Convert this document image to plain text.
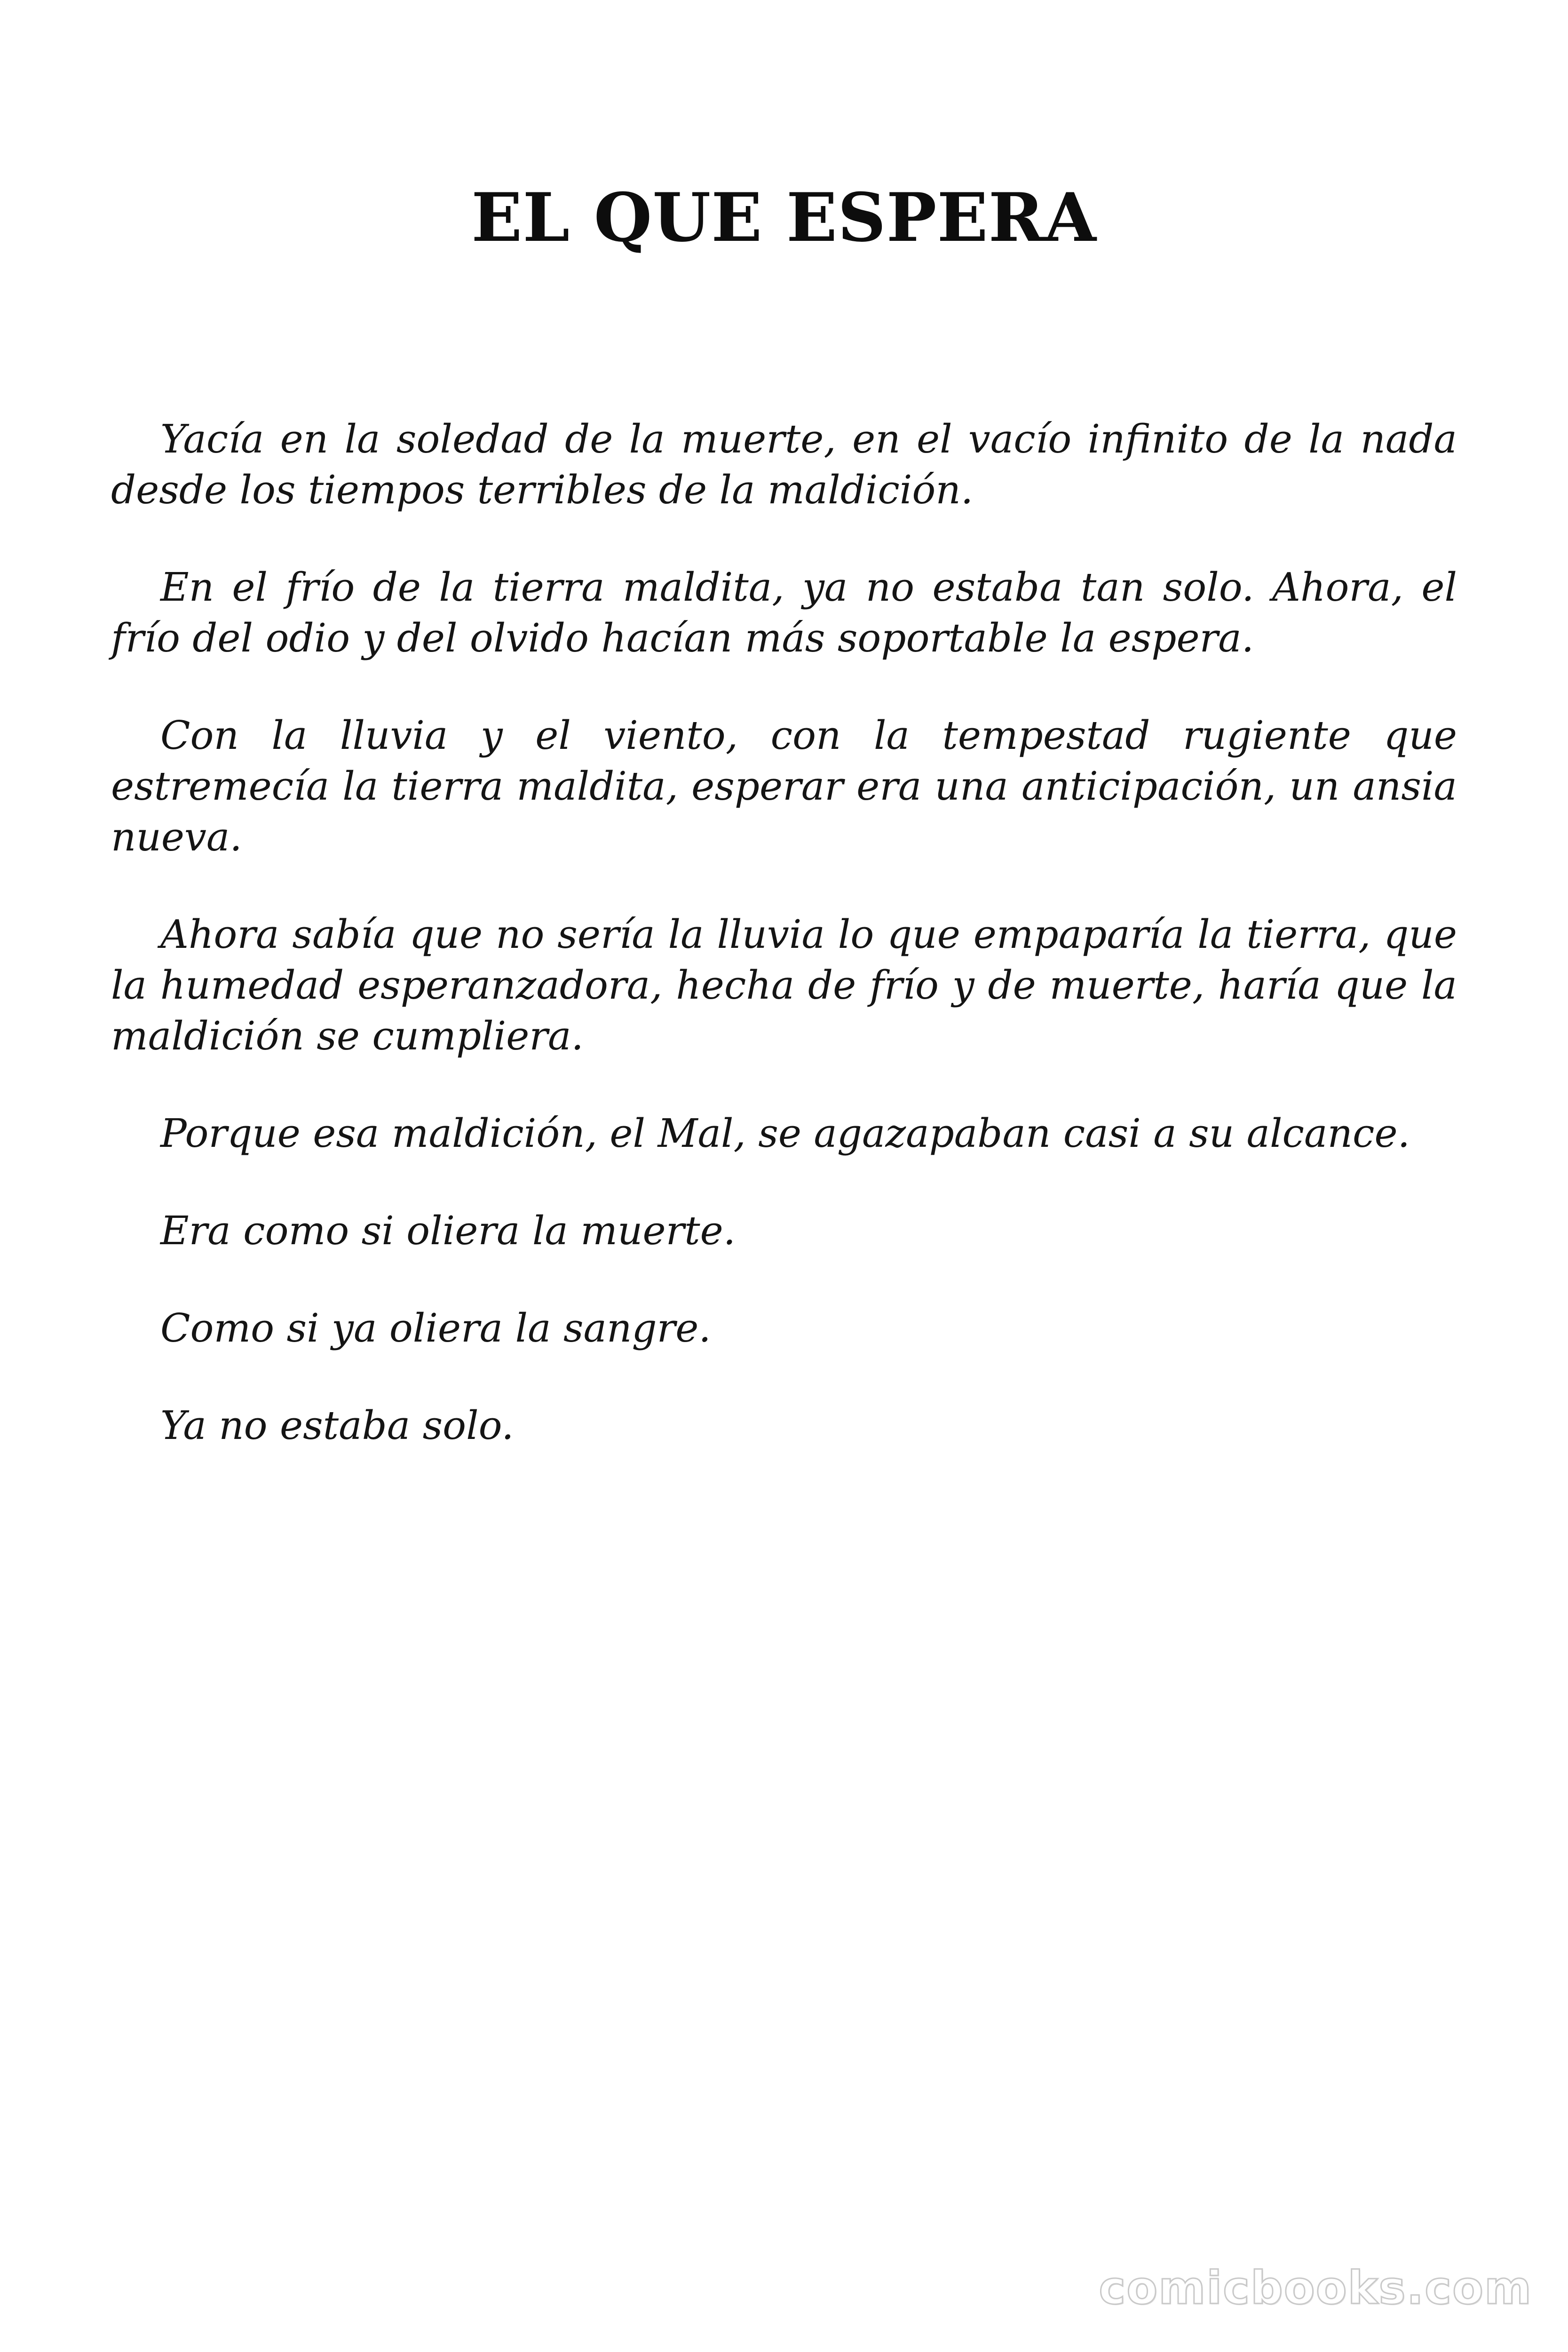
EL QUE ESPERA

Yacía en la soledad de la muerte, en el vacío infinito de la nada desde los tiempos terribles de la maldición.

En el frío de la tierra maldita, ya no estaba tan solo. Ahora, el frío del odio y del olvido hacían más soportable la espera.

Con la lluvia y el viento, con la tempestad rugiente que estremecía la tierra maldita, esperar era una anticipación, un ansia nueva.

Ahora sabía que no sería la lluvia lo que empaparía la tierra, que la humedad esperanzadora, hecha de frío y de muerte, haría que la maldición se cumpliera.

Porque esa maldición, el Mal, se agazapaban casi a su alcance.

Era como si oliera la muerte.

Como si ya oliera la sangre.

Ya no estaba solo.

comicbooks.com
